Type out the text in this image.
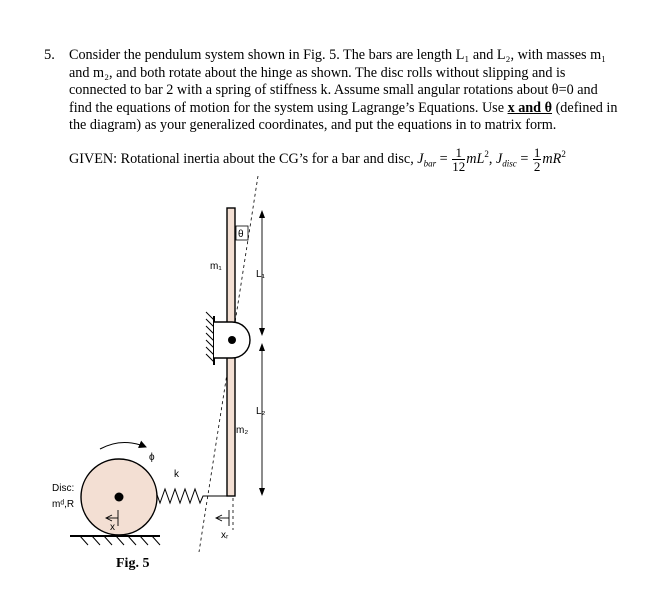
5. Consider the pendulum system shown in Fig. 5. The bars are length L₁ and L₂, with masses m₁
and m₂, and both rotate about the hinge as shown. The disc rolls without slipping and is
connected to bar 2 with a spring of stiffness k. Assume small angular rotations about θ=0 and
find the equations of motion for the system using Lagrange’s Equations. Use x and θ (defined in
the diagram) as your generalized coordinates, and put the equations in to matrix form.
GIVEN: Rotational inertia about the CG’s for a bar and disc, $J_{bar} = \frac{1}{12} mL^2$, $J_{disc} = \frac{1}{2} mR^2$
θ
m₁
m₂
L₁
L₂
k
ϕ
x
xᵣ
Disc:
mᵈ,R
Fig. 5
